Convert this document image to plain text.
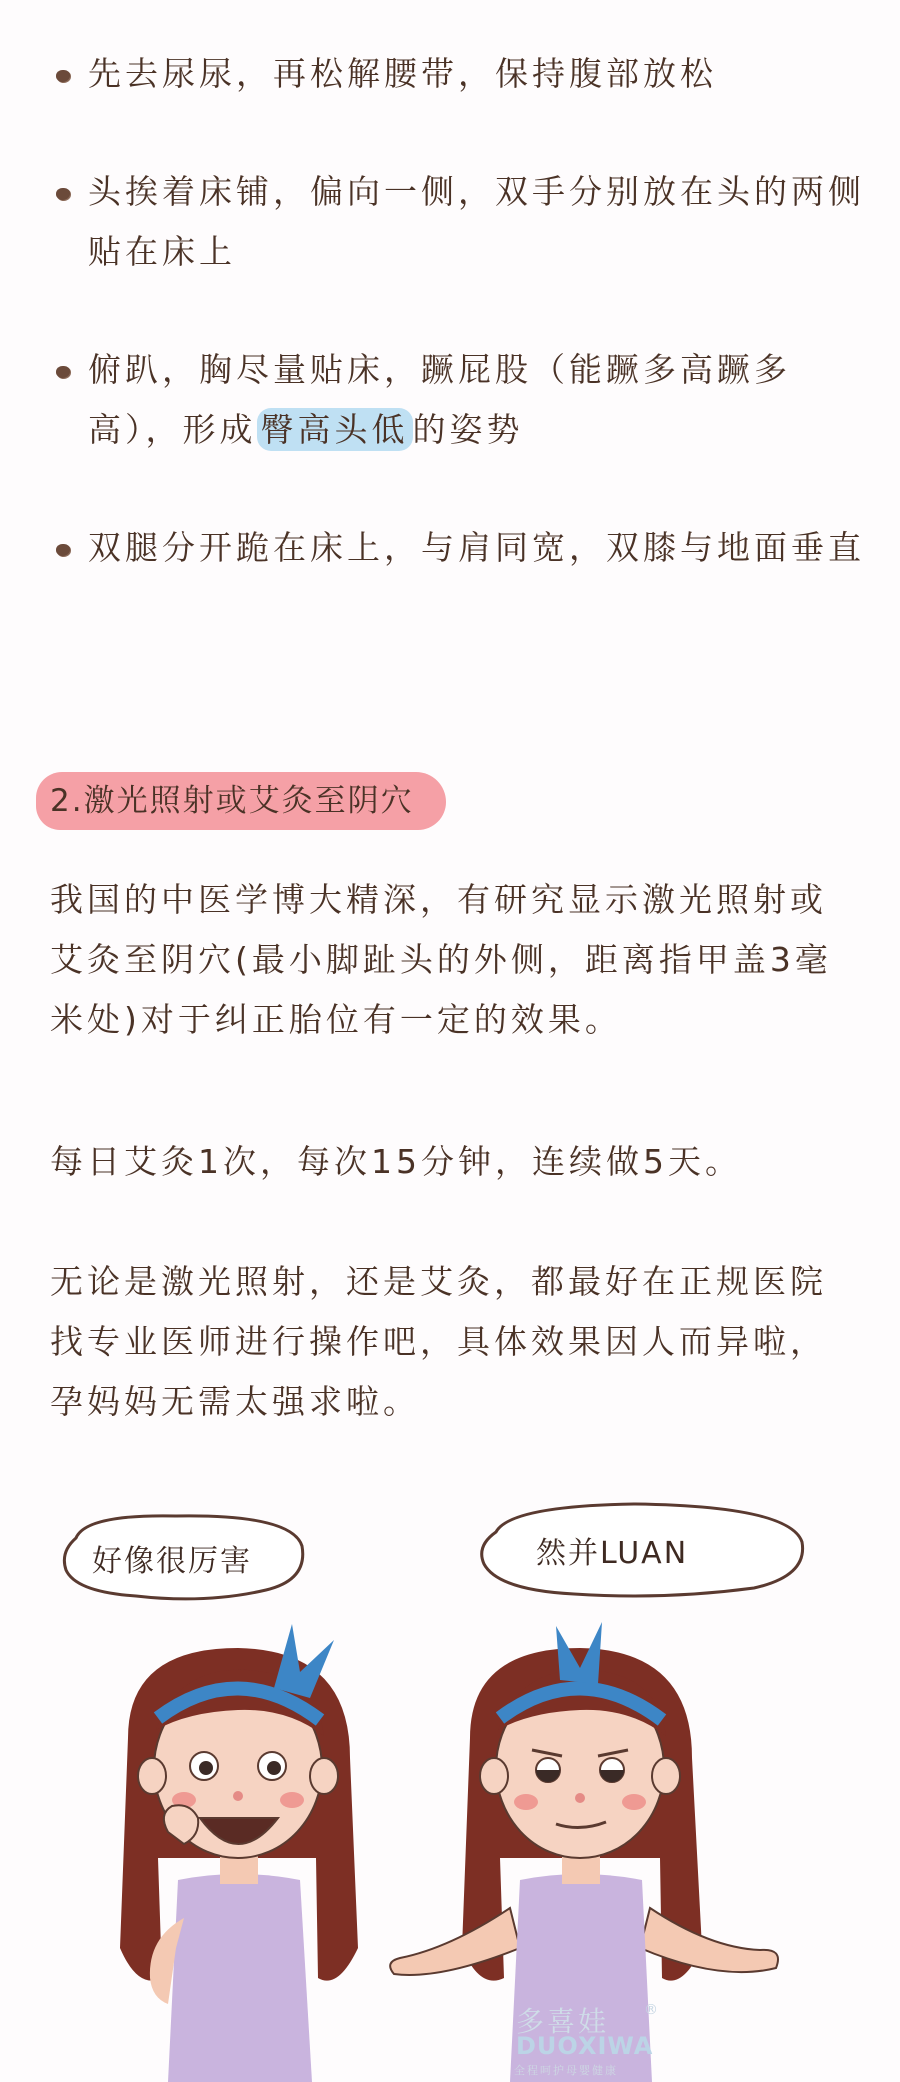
先去尿尿，再松解腰带，保持腹部放松
头挨着床铺，偏向一侧，双手分别放在头的两侧贴在床上
俯趴，胸尽量贴床，蹶屁股（能蹶多高蹶多高），形成 臀高头低 的姿势
双腿分开跪在床上，与肩同宽，双膝与地面垂直
2.激光照射或艾灸至阴穴

我国的中医学博大精深，有研究显示激光照射或艾灸至阴穴(最小脚趾头的外侧，距离指甲盖3毫米处)对于纠正胎位有一定的效果。

每日艾灸1次，每次15分钟，连续做5天。

无论是激光照射，还是艾灸，都最好在正规医院找专业医师进行操作吧，具体效果因人而异啦，孕妈妈无需太强求啦。

好像很厉害	然并LUAN
多喜娃 ®
DUOXIWA
全程呵护母婴健康
